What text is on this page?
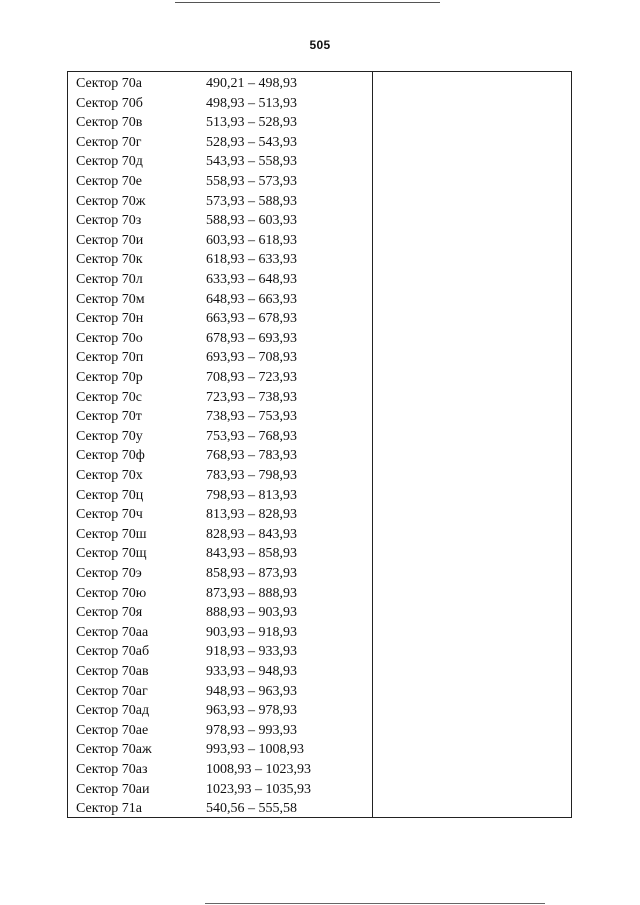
505
Сектор 70а	490,21 – 498,93
Сектор 70б	498,93 – 513,93
Сектор 70в	513,93 – 528,93
Сектор 70г	528,93 – 543,93
Сектор 70д	543,93 – 558,93
Сектор 70е	558,93 – 573,93
Сектор 70ж	573,93 – 588,93
Сектор 70з	588,93 – 603,93
Сектор 70и	603,93 – 618,93
Сектор 70к	618,93 – 633,93
Сектор 70л	633,93 – 648,93
Сектор 70м	648,93 – 663,93
Сектор 70н	663,93 – 678,93
Сектор 70о	678,93 – 693,93
Сектор 70п	693,93 – 708,93
Сектор 70р	708,93 – 723,93
Сектор 70с	723,93 – 738,93
Сектор 70т	738,93 – 753,93
Сектор 70у	753,93 – 768,93
Сектор 70ф	768,93 – 783,93
Сектор 70х	783,93 – 798,93
Сектор 70ц	798,93 – 813,93
Сектор 70ч	813,93 – 828,93
Сектор 70ш	828,93 – 843,93
Сектор 70щ	843,93 – 858,93
Сектор 70э	858,93 – 873,93
Сектор 70ю	873,93 – 888,93
Сектор 70я	888,93 – 903,93
Сектор 70аа	903,93 – 918,93
Сектор 70аб	918,93 – 933,93
Сектор 70ав	933,93 – 948,93
Сектор 70аг	948,93 – 963,93
Сектор 70ад	963,93 – 978,93
Сектор 70ае	978,93 – 993,93
Сектор 70аж	993,93 – 1008,93
Сектор 70аз	1008,93 – 1023,93
Сектор 70аи	1023,93 – 1035,93
Сектор 71а	540,56 – 555,58
